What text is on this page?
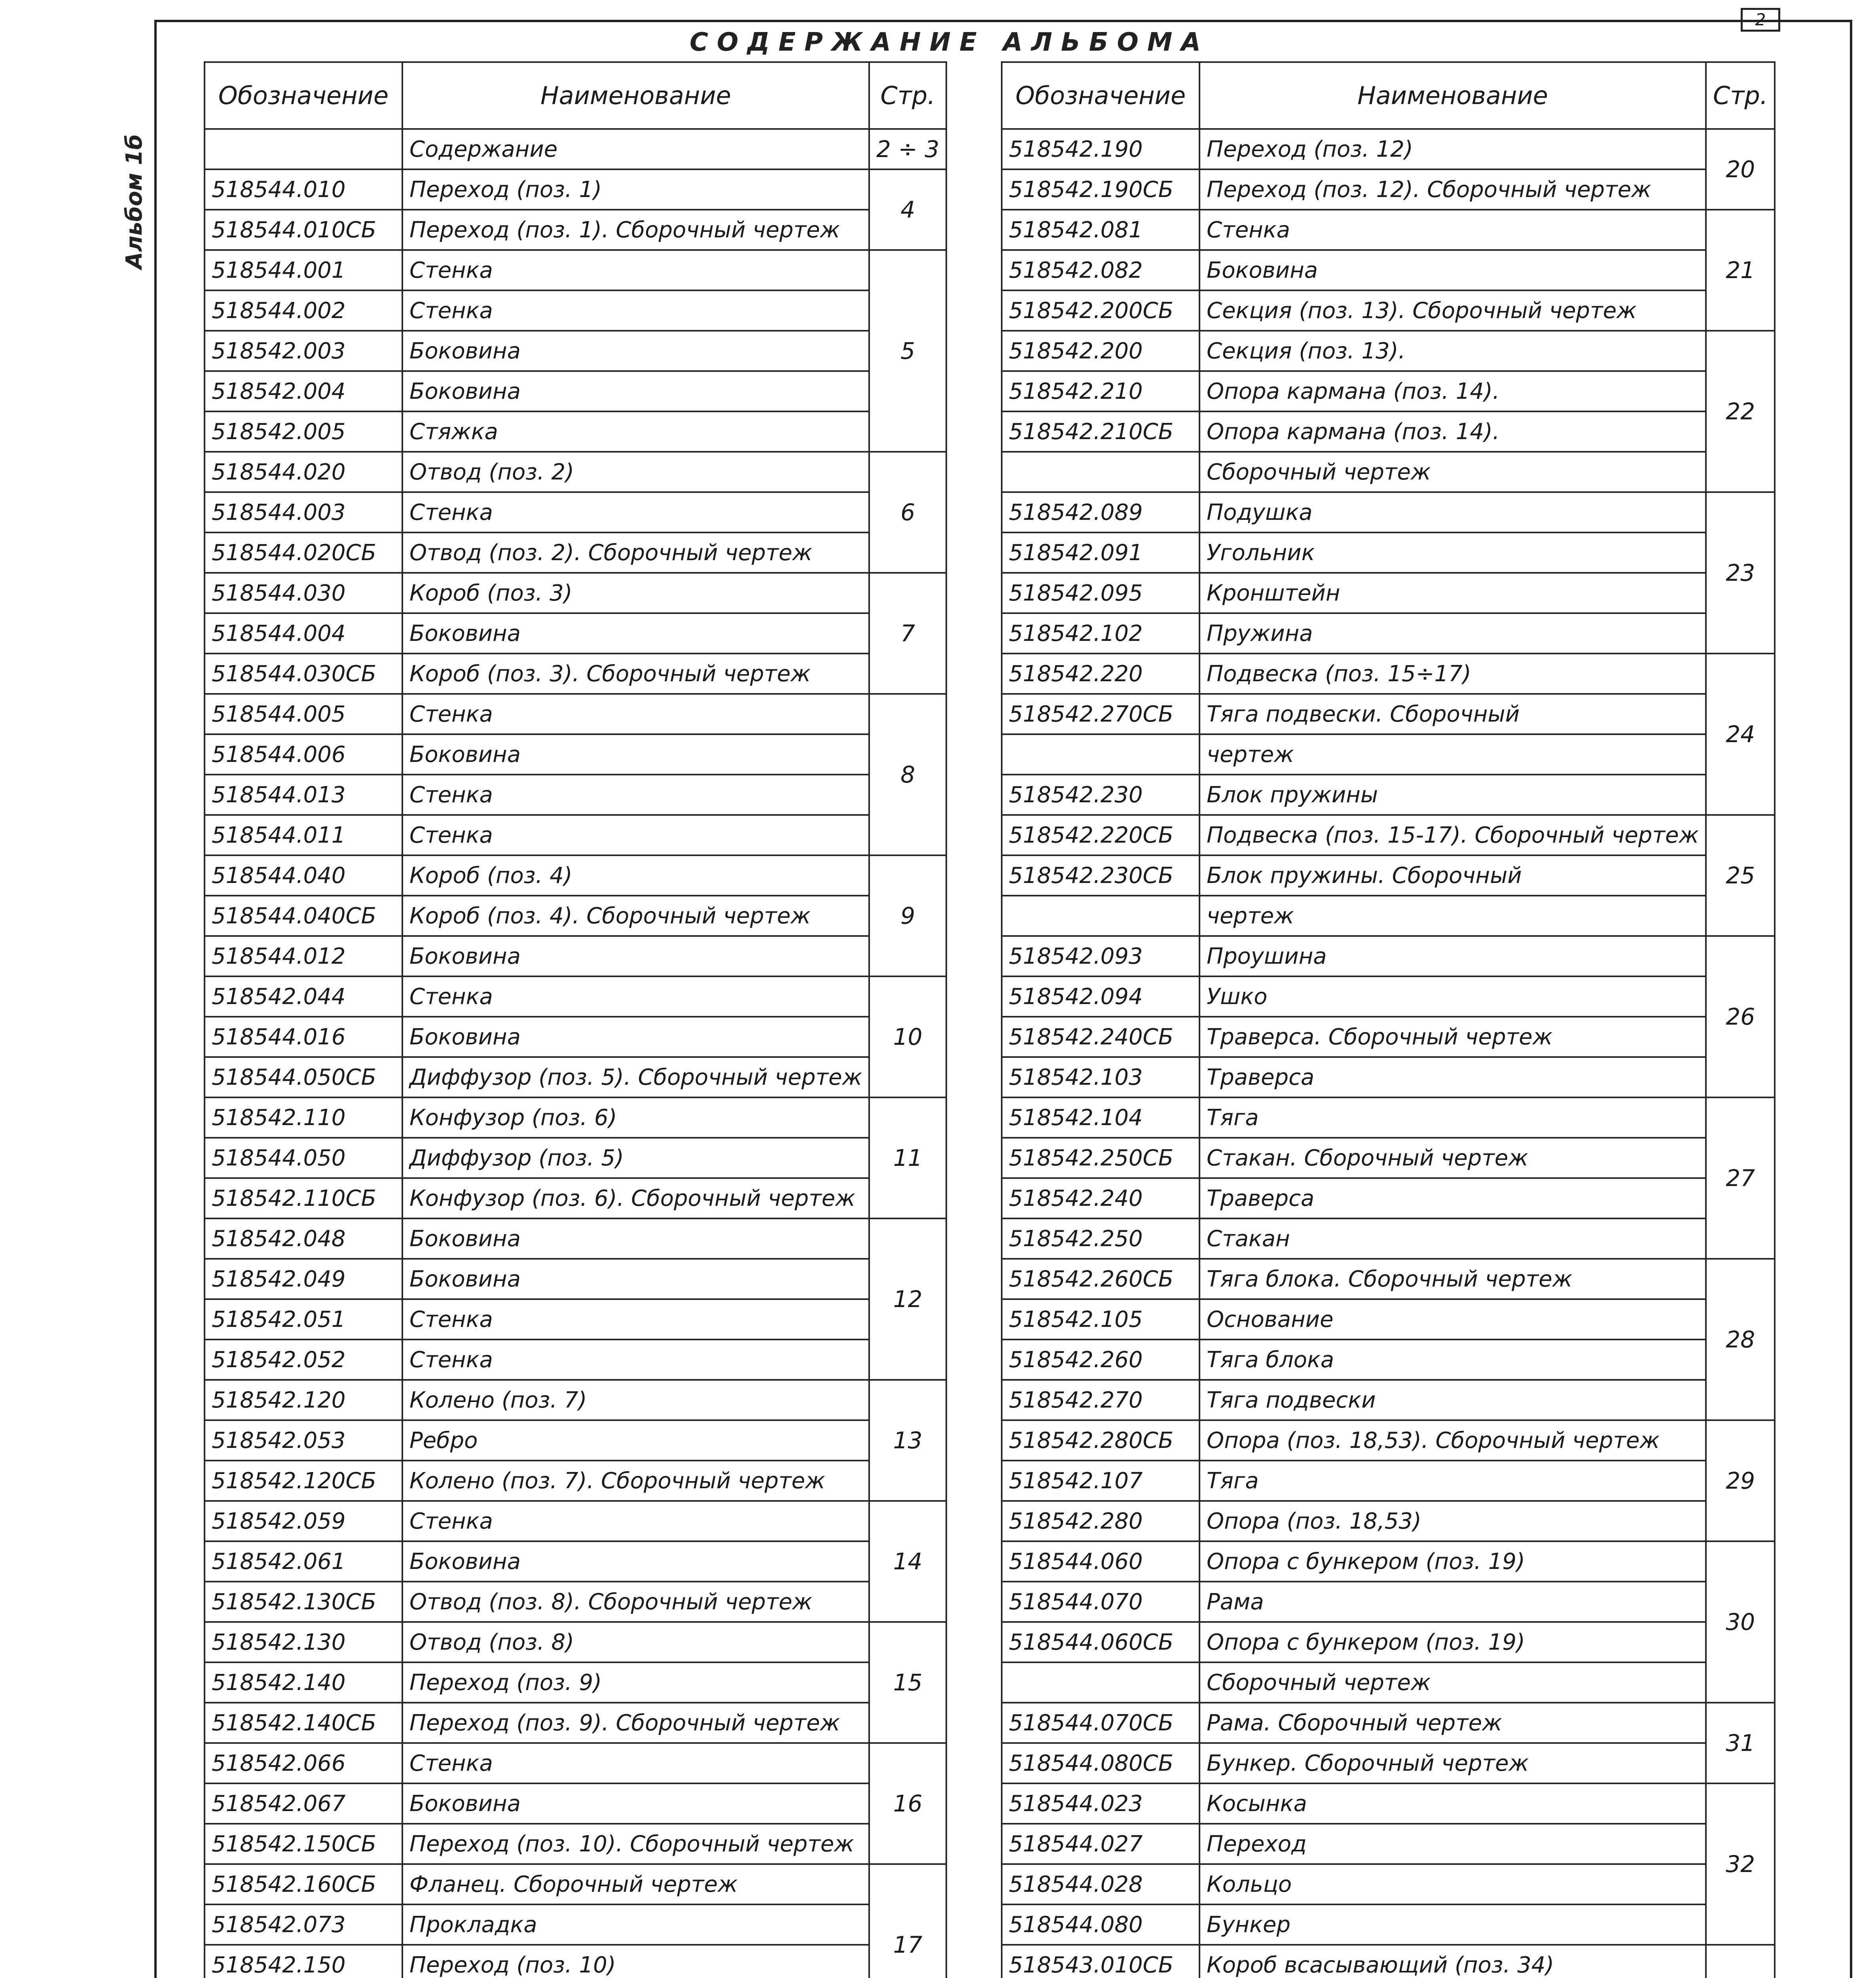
2
Альбом 1б
СОДЕРЖАНИЕ АЛЬБОМА
Обозначение	Наименование	Стр.
	Содержание	2 ÷ 3
518544.010	Переход (поз. 1)	4
518544.010СБ	Переход (поз. 1). Сборочный чертеж	
518544.001	Стенка	5
518544.002	Стенка	
518542.003	Боковина	
518542.004	Боковина	
518542.005	Стяжка	
518544.020	Отвод (поз. 2)	6
518544.003	Стенка	
518544.020СБ	Отвод (поз. 2). Сборочный чертеж	
518544.030	Короб (поз. 3)	7
518544.004	Боковина	
518544.030СБ	Короб (поз. 3). Сборочный чертеж	
518544.005	Стенка	8
518544.006	Боковина	
518544.013	Стенка	
518544.011	Стенка	
518544.040	Короб (поз. 4)	9
518544.040СБ	Короб (поз. 4). Сборочный чертеж	
518544.012	Боковина	
518542.044	Стенка	10
518544.016	Боковина	
518544.050СБ	Диффузор (поз. 5). Сборочный чертеж	
518542.110	Конфузор (поз. 6)	11
518544.050	Диффузор (поз. 5)	
518542.110СБ	Конфузор (поз. 6). Сборочный чертеж	
518542.048	Боковина	12
518542.049	Боковина	
518542.051	Стенка	
518542.052	Стенка	
518542.120	Колено (поз. 7)	13
518542.053	Ребро	
518542.120СБ	Колено (поз. 7). Сборочный чертеж	
518542.059	Стенка	14
518542.061	Боковина	
518542.130СБ	Отвод (поз. 8). Сборочный чертеж	
518542.130	Отвод (поз. 8)	15
518542.140	Переход (поз. 9)	
518542.140СБ	Переход (поз. 9). Сборочный чертеж	
518542.066	Стенка	16
518542.067	Боковина	
518542.150СБ	Переход (поз. 10). Сборочный чертеж	
518542.160СБ	Фланец. Сборочный чертеж	17
518542.073	Прокладка	
518542.150	Переход (поз. 10)	

Обозначение	Наименование	Стр.
518542.190	Переход (поз. 12)	20
518542.190СБ	Переход (поз. 12). Сборочный чертеж	
518542.081	Стенка	21
518542.082	Боковина	
518542.200СБ	Секция (поз. 13). Сборочный чертеж	
518542.200	Секция (поз. 13).	22
518542.210	Опора кармана (поз. 14).	
518542.210СБ	Опора кармана (поз. 14).	
	Сборочный чертеж	
518542.089	Подушка	23
518542.091	Угольник	
518542.095	Кронштейн	
518542.102	Пружина	
518542.220	Подвеска (поз. 15÷17)	24
518542.270СБ	Тяга подвески. Сборочный	
	чертеж	
518542.230	Блок пружины	
518542.220СБ	Подвеска (поз. 15-17). Сборочный чертеж	25
518542.230СБ	Блок пружины. Сборочный	
	чертеж	
518542.093	Проушина	26
518542.094	Ушко	
518542.240СБ	Траверса. Сборочный чертеж	
518542.103	Траверса	
518542.104	Тяга	27
518542.250СБ	Стакан. Сборочный чертеж	
518542.240	Траверса	
518542.250	Стакан	
518542.260СБ	Тяга блока. Сборочный чертеж	28
518542.105	Основание	
518542.260	Тяга блока	
518542.270	Тяга подвески	
518542.280СБ	Опора (поз. 18,53). Сборочный чертеж	29
518542.107	Тяга	
518542.280	Опора (поз. 18,53)	
518544.060	Опора с бункером (поз. 19)	30
518544.070	Рама	
518544.060СБ	Опора с бункером (поз. 19)	
	Сборочный чертеж	
518544.070СБ	Рама. Сборочный чертеж	31
518544.080СБ	Бункер. Сборочный чертеж	
518544.023	Косынка	32
518544.027	Переход	
518544.028	Кольцо	
518544.080	Бункер	
518543.010СБ	Короб всасывающий (поз. 34)	
